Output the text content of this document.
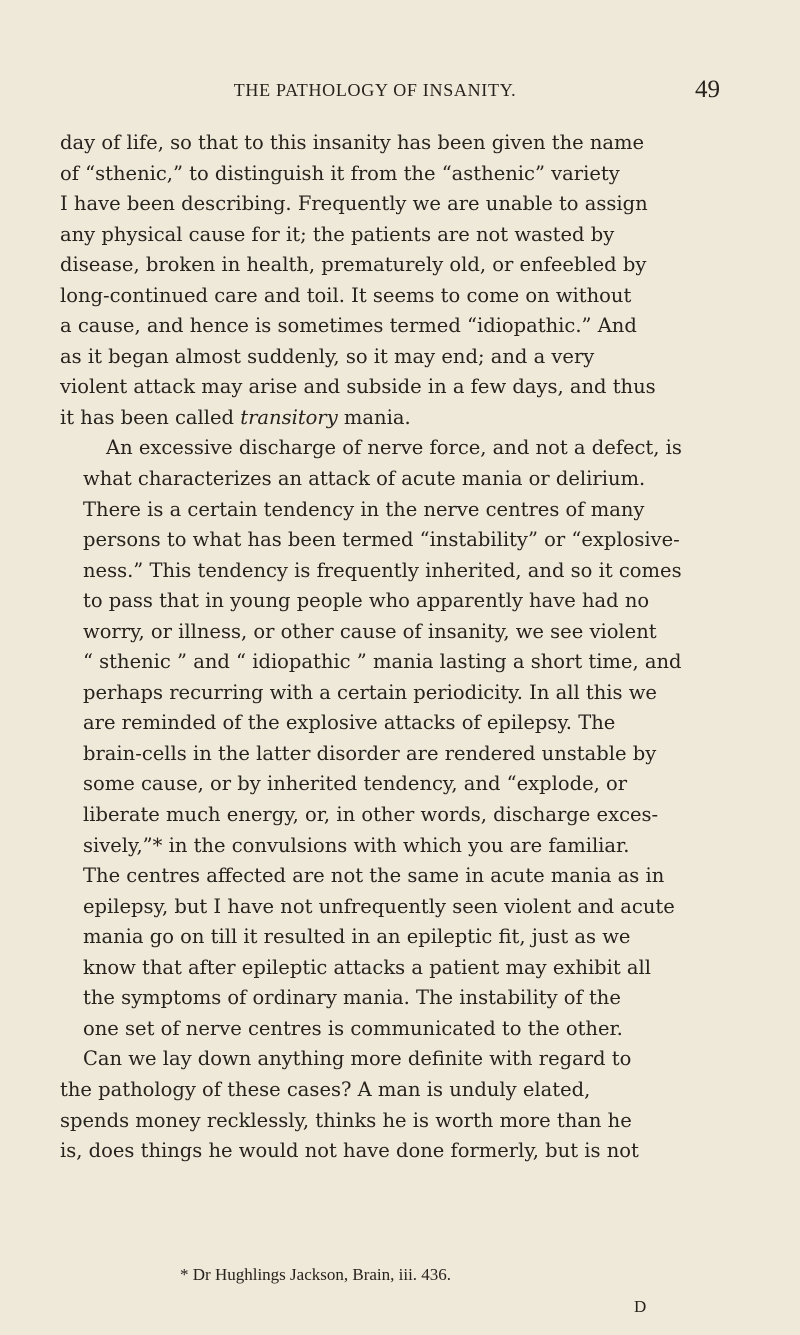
THE PATHOLOGY OF INSANITY.	49

day of life, so that to this insanity has been given the name
of “sthenic,” to distinguish it from the “asthenic” variety
I have been describing. Frequently we are unable to assign
any physical cause for it; the patients are not wasted by
disease, broken in health, prematurely old, or enfeebled by
long-continued care and toil. It seems to come on without
a cause, and hence is sometimes termed “idiopathic.” And
as it began almost suddenly, so it may end; and a very
violent attack may arise and subside in a few days, and thus
it has been called transitory mania.

An excessive discharge of nerve force, and not a defect, is
what characterizes an attack of acute mania or delirium.
There is a certain tendency in the nerve centres of many
persons to what has been termed “instability” or “explosive-
ness.” This tendency is frequently inherited, and so it comes
to pass that in young people who apparently have had no
worry, or illness, or other cause of insanity, we see violent
“ sthenic ” and “ idiopathic ” mania lasting a short time, and
perhaps recurring with a certain periodicity. In all this we
are reminded of the explosive attacks of epilepsy. The
brain-cells in the latter disorder are rendered unstable by
some cause, or by inherited tendency, and “explode, or
liberate much energy, or, in other words, discharge exces-
sively,”* in the convulsions with which you are familiar.
The centres affected are not the same in acute mania as in
epilepsy, but I have not unfrequently seen violent and acute
mania go on till it resulted in an epileptic fit, just as we
know that after epileptic attacks a patient may exhibit all
the symptoms of ordinary mania. The instability of the
one set of nerve centres is communicated to the other.

Can we lay down anything more definite with regard to
the pathology of these cases? A man is unduly elated,
spends money recklessly, thinks he is worth more than he
is, does things he would not have done formerly, but is not

* Dr Hughlings Jackson, Brain, iii. 436.
D
